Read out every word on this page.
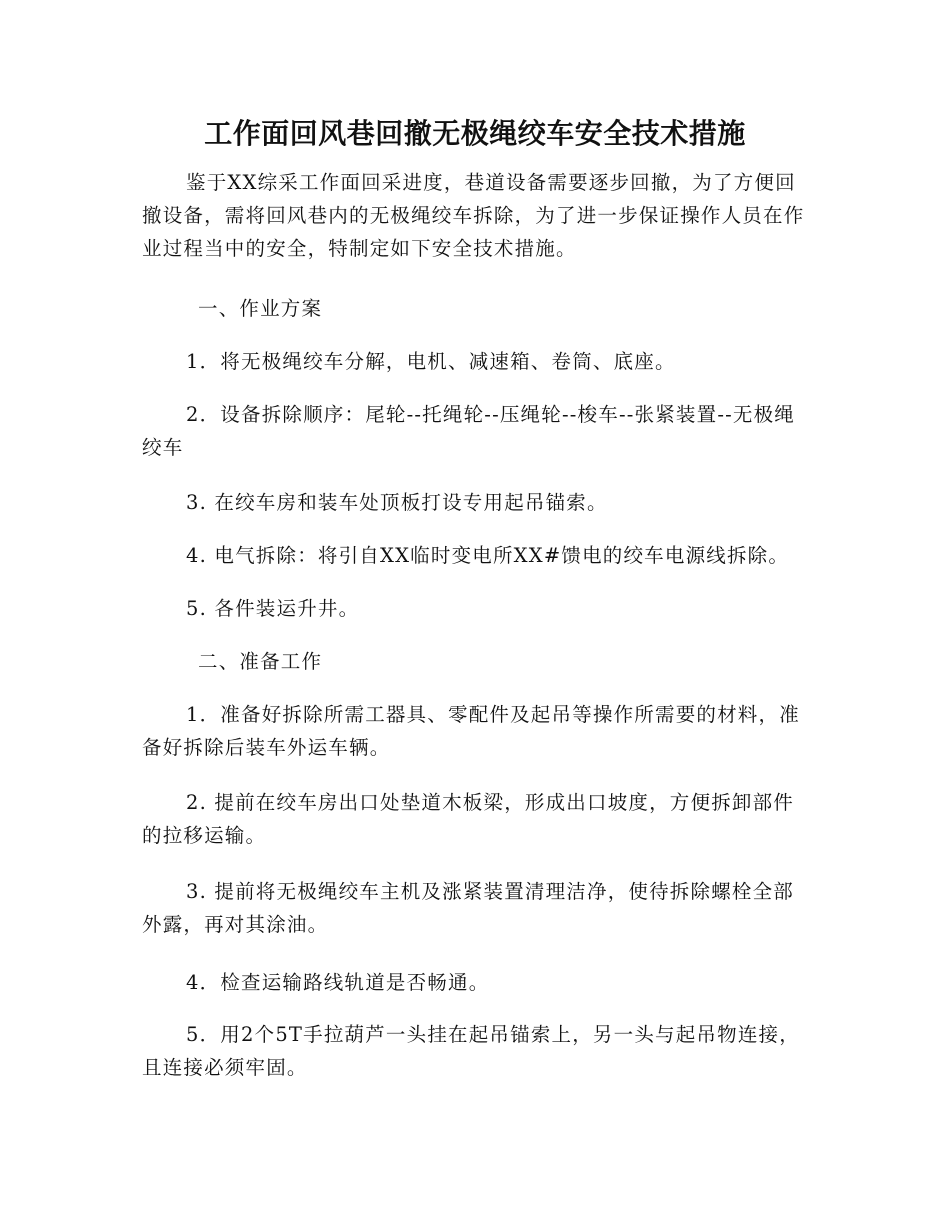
工作面回风巷回撤无极绳绞车安全技术措施

鉴于XX综采工作面回采进度，巷道设备需要逐步回撤，为了方便回撤设备，需将回风巷内的无极绳绞车拆除，为了进一步保证操作人员在作业过程当中的安全，特制定如下安全技术措施。

一、作业方案

1．将无极绳绞车分解，电机、减速箱、卷筒、底座。

2．设备拆除顺序：尾轮--托绳轮--压绳轮--梭车--张紧装置--无极绳绞车

3. 在绞车房和装车处顶板打设专用起吊锚索。

4. 电气拆除：将引自XX临时变电所XX#馈电的绞车电源线拆除。

5. 各件装运升井。

二、准备工作

1．准备好拆除所需工器具、零配件及起吊等操作所需要的材料，准备好拆除后装车外运车辆。

2. 提前在绞车房出口处垫道木板梁，形成出口坡度，方便拆卸部件的拉移运输。

3. 提前将无极绳绞车主机及涨紧装置清理洁净，使待拆除螺栓全部外露，再对其涂油。

4．检查运输路线轨道是否畅通。

5．用2个5T手拉葫芦一头挂在起吊锚索上，另一头与起吊物连接，且连接必须牢固。
